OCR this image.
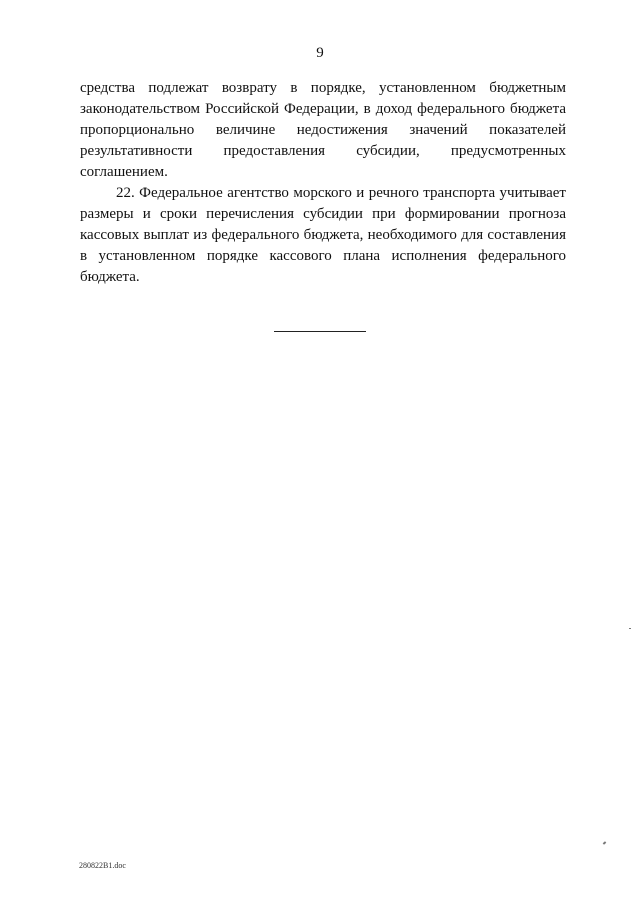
9
средства подлежат возврату в порядке, установленном бюджетным
законодательством Российской Федерации, в доход федерального бюджета
пропорционально величине недостижения значений показателей
результативности предоставления субсидии, предусмотренных
соглашением.
22. Федеральное агентство морского и речного транспорта учитывает
размеры и сроки перечисления субсидии при формировании прогноза
кассовых выплат из федерального бюджета, необходимого для составления
в установленном порядке кассового плана исполнения федерального
бюджета.
280822В1.doc
